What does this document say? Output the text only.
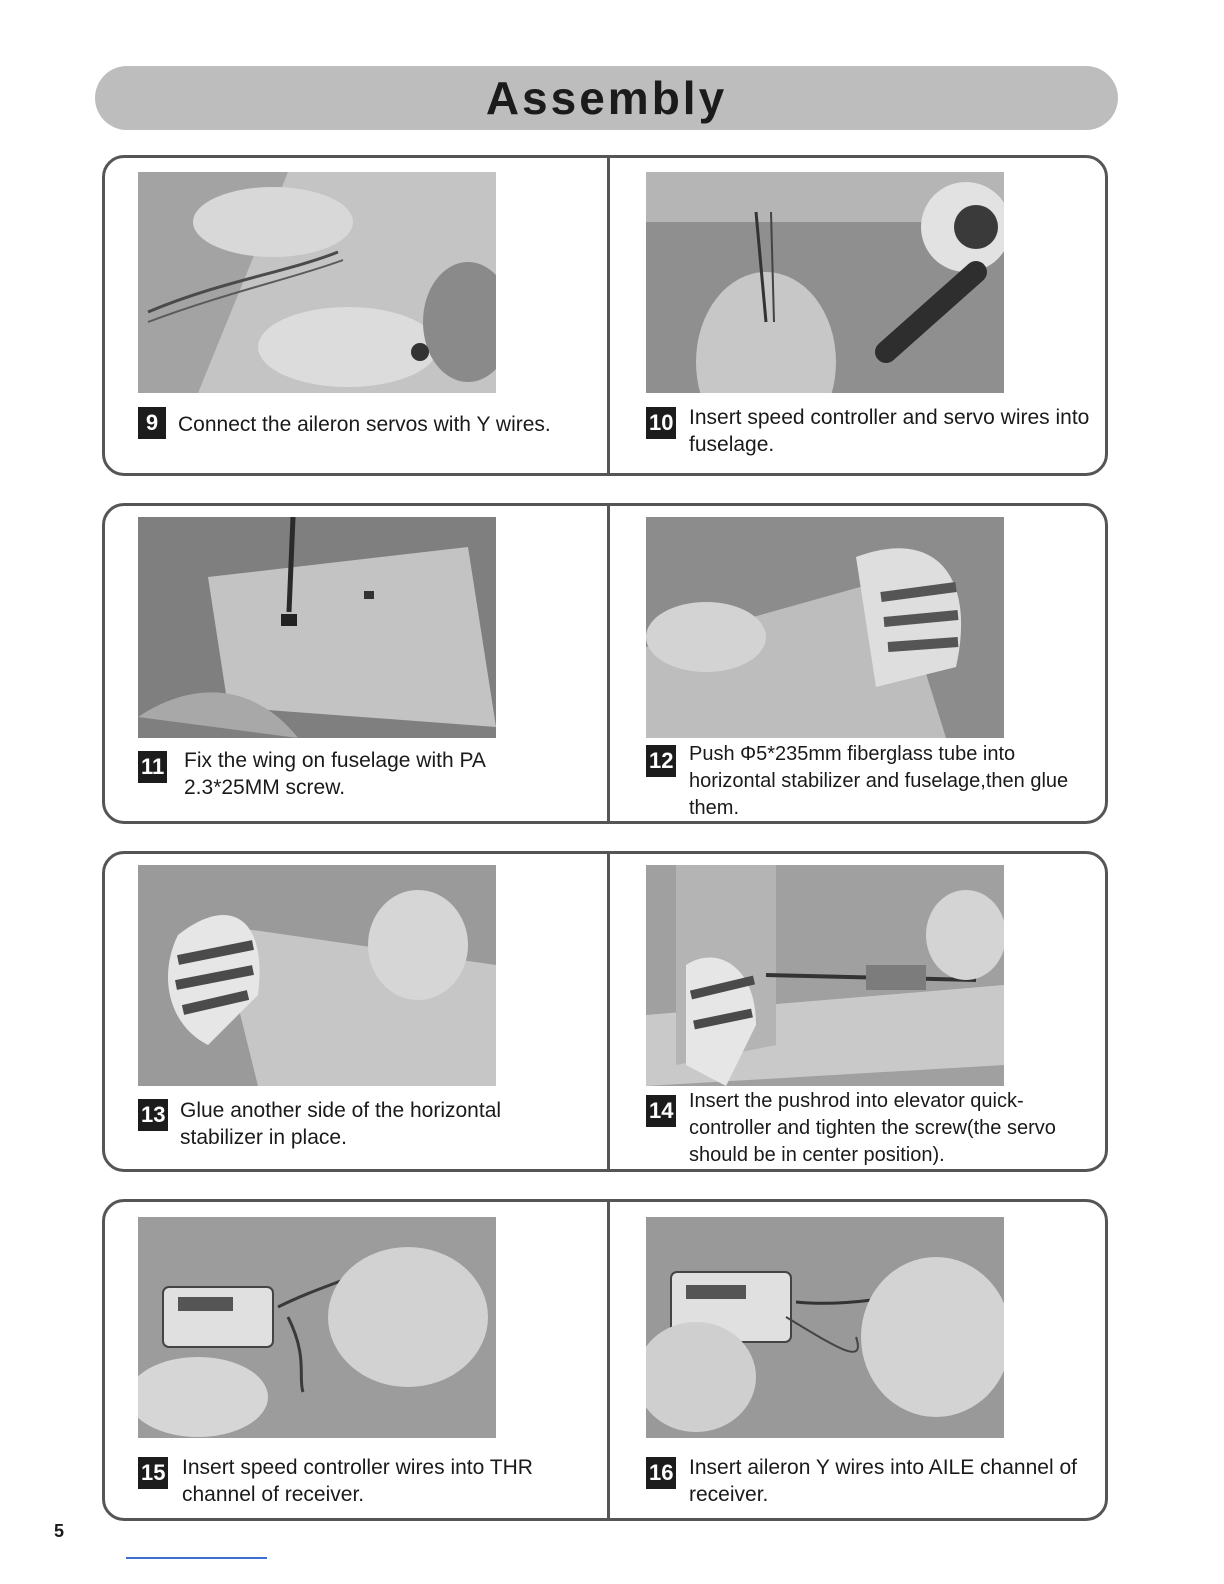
Assembly
9 Connect the aileron servos with Y wires.	10 Insert speed controller and servo wires into fuselage.
11 Fix the wing on fuselage with PA 2.3*25MM screw.
12 Push Φ5*235mm fiberglass tube into horizontal stabilizer and fuselage,then glue them.
13 Glue another side of the horizontal stabilizer in place.
14 Insert the pushrod into elevator quick-controller and tighten the screw(the servo should be in center position).
15 Insert speed controller wires into THR channel of receiver.
16 Insert aileron Y wires into AILE channel of receiver.
5
